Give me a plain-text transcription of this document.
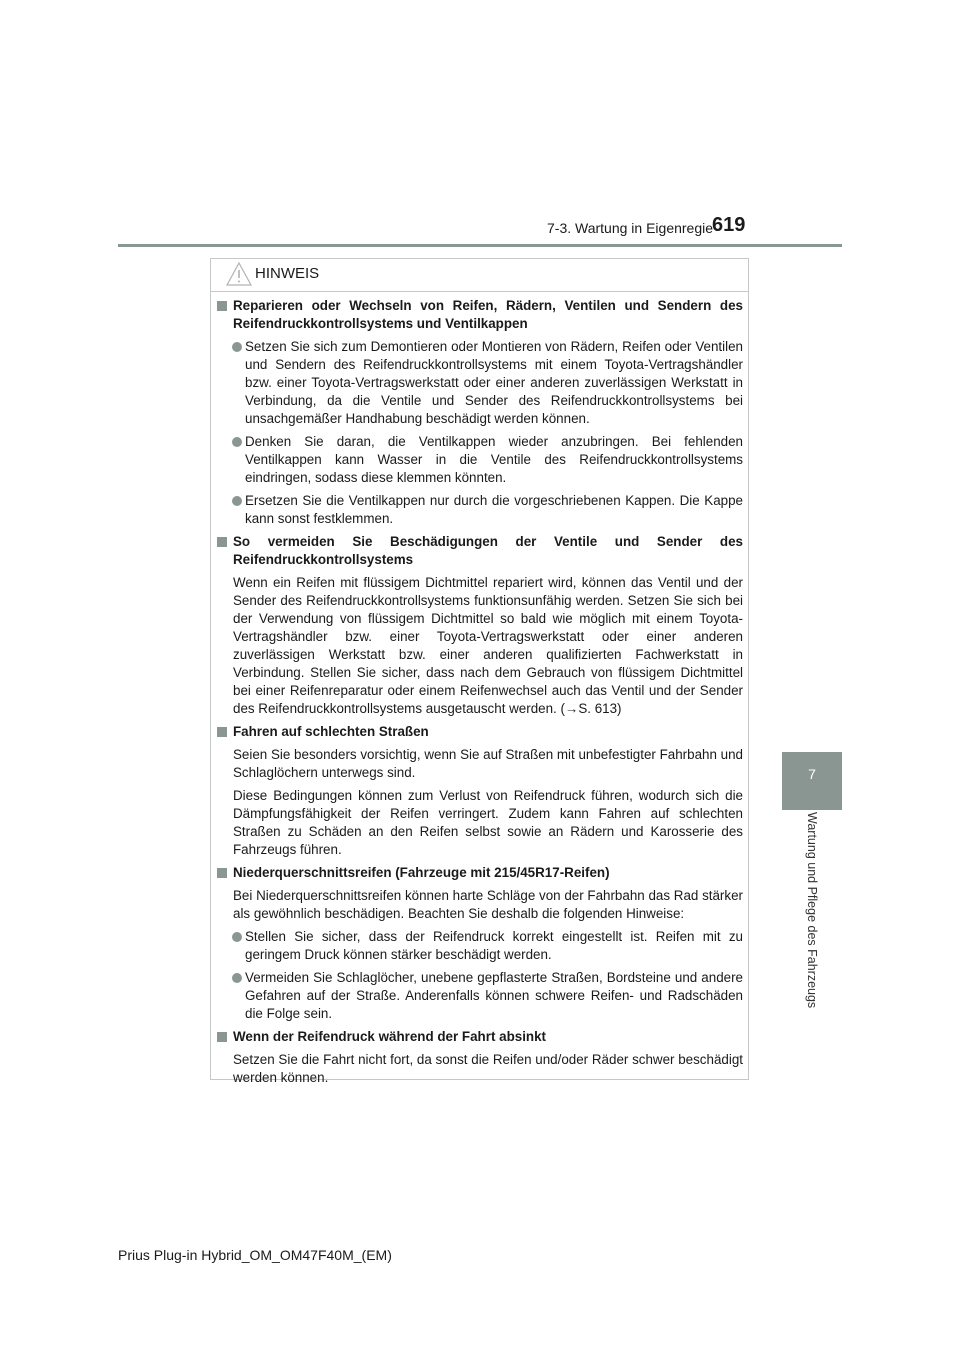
7-3. Wartung in Eigenregie
619
7
Wartung und Pflege des Fahrzeugs
HINWEIS
Reparieren oder Wechseln von Reifen, Rädern, Ventilen und Sendern des Reifendruckkontrollsystems und Ventilkappen
Setzen Sie sich zum Demontieren oder Montieren von Rädern, Reifen oder Ventilen und Sendern des Reifendruckkontrollsystems mit einem Toyota-Vertragshändler bzw. einer Toyota-Vertragswerkstatt oder einer anderen zuverlässigen Werkstatt in Verbindung, da die Ventile und Sender des Reifendruckkontrollsystems bei unsachgemäßer Handhabung beschädigt werden können.
Denken Sie daran, die Ventilkappen wieder anzubringen. Bei fehlenden Ventilkappen kann Wasser in die Ventile des Reifendruckkontrollsystems eindringen, sodass diese klemmen könnten.
Ersetzen Sie die Ventilkappen nur durch die vorgeschriebenen Kappen. Die Kappe kann sonst festklemmen.
So vermeiden Sie Beschädigungen der Ventile und Sender des Reifendruckkontrollsystems
Wenn ein Reifen mit flüssigem Dichtmittel repariert wird, können das Ventil und der Sender des Reifendruckkontrollsystems funktionsunfähig werden. Setzen Sie sich bei der Verwendung von flüssigem Dichtmittel so bald wie möglich mit einem Toyota-Vertragshändler bzw. einer Toyota-Vertragswerkstatt oder einer anderen zuverlässigen Werkstatt bzw. einer anderen qualifizierten Fachwerkstatt in Verbindung. Stellen Sie sicher, dass nach dem Gebrauch von flüssigem Dichtmittel bei einer Reifenreparatur oder einem Reifenwechsel auch das Ventil und der Sender des Reifendruckkontrollsystems ausgetauscht werden. (→S. 613)
Fahren auf schlechten Straßen
Seien Sie besonders vorsichtig, wenn Sie auf Straßen mit unbefestigter Fahrbahn und Schlaglöchern unterwegs sind.
Diese Bedingungen können zum Verlust von Reifendruck führen, wodurch sich die Dämpfungsfähigkeit der Reifen verringert. Zudem kann Fahren auf schlechten Straßen zu Schäden an den Reifen selbst sowie an Rädern und Karosserie des Fahrzeugs führen.
Niederquerschnittsreifen (Fahrzeuge mit 215/45R17-Reifen)
Bei Niederquerschnittsreifen können harte Schläge von der Fahrbahn das Rad stärker als gewöhnlich beschädigen. Beachten Sie deshalb die folgenden Hinweise:
Stellen Sie sicher, dass der Reifendruck korrekt eingestellt ist. Reifen mit zu geringem Druck können stärker beschädigt werden.
Vermeiden Sie Schlaglöcher, unebene gepflasterte Straßen, Bordsteine und andere Gefahren auf der Straße. Anderenfalls können schwere Reifen- und Radschäden die Folge sein.
Wenn der Reifendruck während der Fahrt absinkt
Setzen Sie die Fahrt nicht fort, da sonst die Reifen und/oder Räder schwer beschädigt werden können.
Prius Plug-in Hybrid_OM_OM47F40M_(EM)
